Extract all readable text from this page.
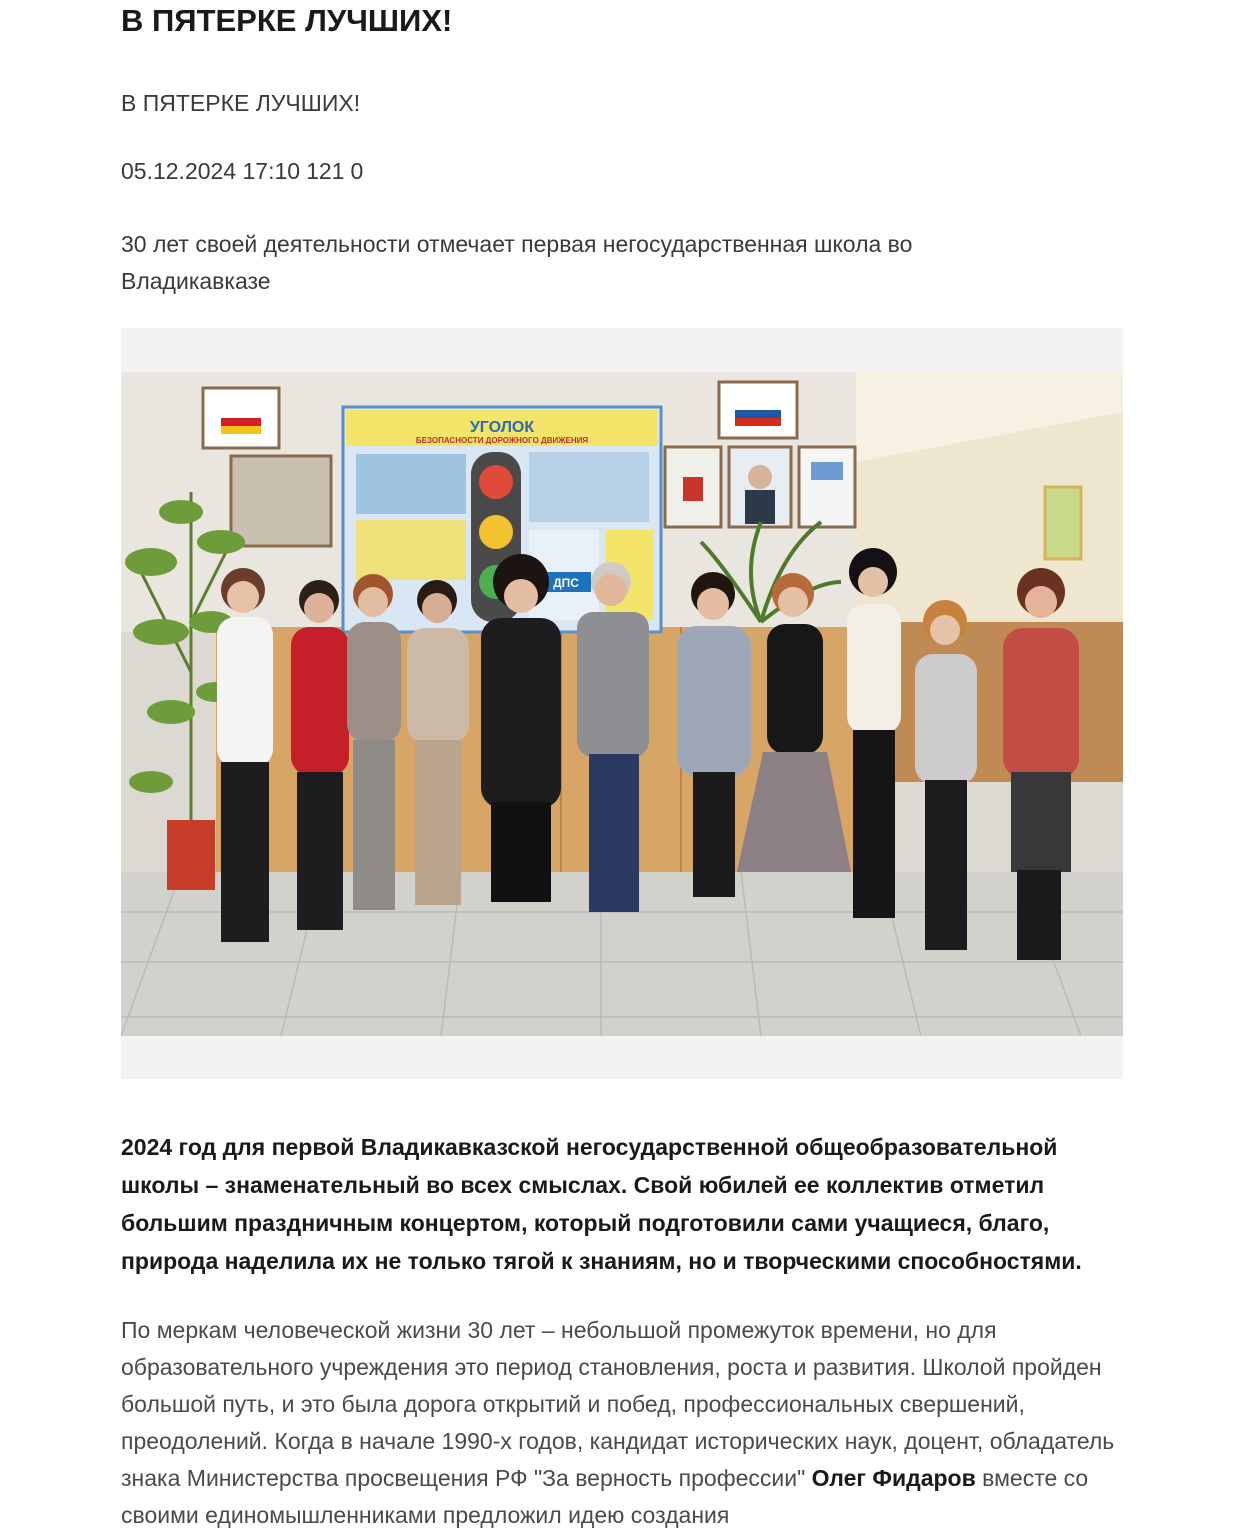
В ПЯТЕРКЕ ЛУЧШИХ!
В ПЯТЕРКЕ ЛУЧШИХ!
05.12.2024 17:10 121 0
30 лет своей деятельности отмечает первая негосударственная школа во Владикавказе
УГОЛОК
БЕЗОПАСНОСТИ ДОРОЖНОГО ДВИЖЕНИЯ
ДПС

2024 год для первой Владикавказской негосударственной общеобразовательной школы – знаменательный во всех смыслах. Свой юбилей ее коллектив отметил большим праздничным концертом, который подготовили сами учащиеся, благо, природа наделила их не только тягой к знаниям, но и творческими способностями.

По меркам человеческой жизни 30 лет – небольшой промежуток времени, но для образовательного учреждения это период становления, роста и развития. Школой пройден большой путь, и это была дорога открытий и побед, профессиональных свершений, преодолений. Когда в начале 1990-х годов, кандидат исторических наук, доцент, обладатель знака Министерства просвещения РФ "За верность профессии" Олег Фидаров вместе со своими единомышленниками предложил идею создания
